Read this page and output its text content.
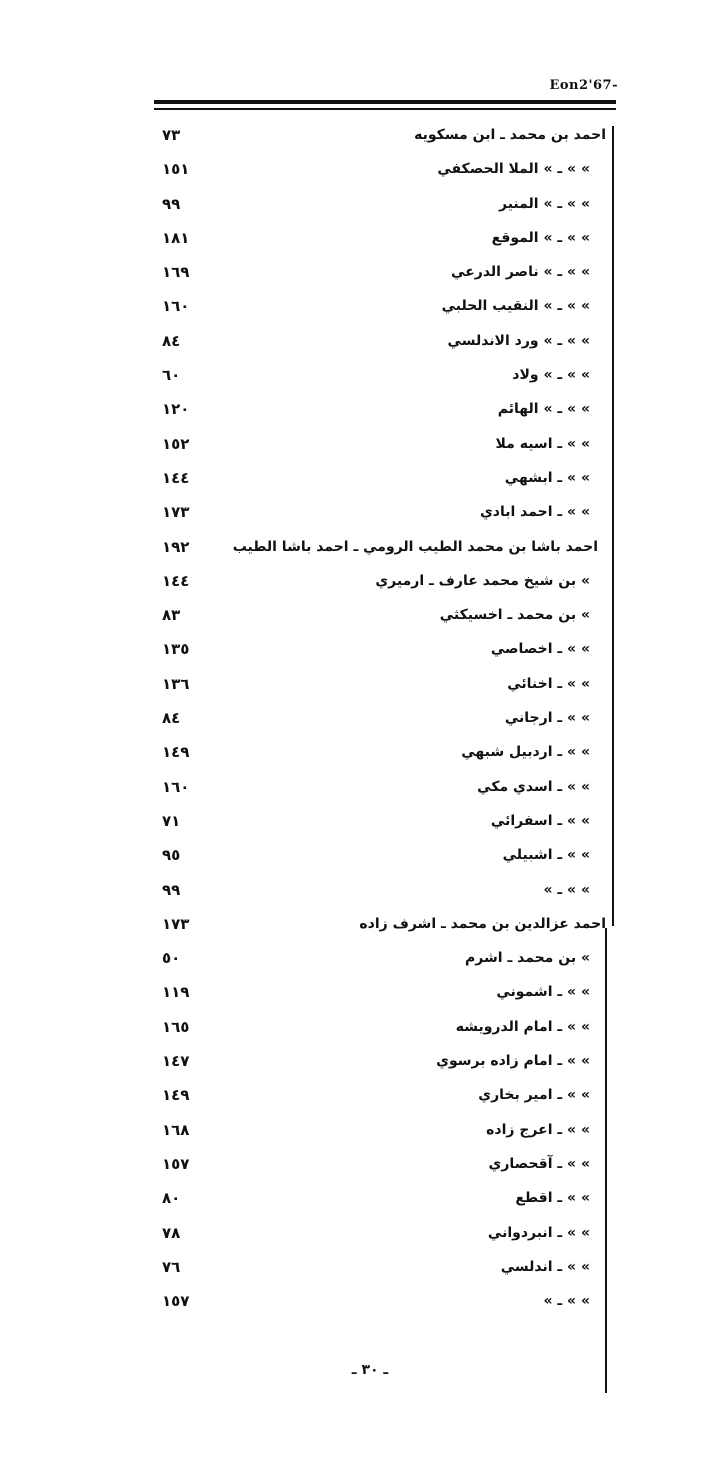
Eon2'67-
احمد بن محمد ـ ابن مسكويه
٧٣
» » ـ » الملا الحصكفي
١٥١
» » ـ » المنير
٩٩
» » ـ » الموقع
١٨١
» » ـ » ناصر الدرعي
١٦٩
» » ـ » النقيب الحلبي
١٦٠
» » ـ » ورد الاندلسي
٨٤
» » ـ » ولاد
٦٠
» » ـ » الهائم
١٢٠
» » ـ اسيه ملا
١٥٢
» » ـ ابشهي
١٤٤
» » ـ احمد ابادي
١٧٣
احمد باشا بن محمد الطيب الرومي ـ احمد باشا الطيب
١٩٢
» بن شيخ محمد عارف ـ ارميري
١٤٤
» بن محمد ـ اخسيكثي
٨٣
» » ـ اخصاصي
١٣٥
» » ـ اخنائي
١٣٦
» » ـ ارجاني
٨٤
» » ـ اردبيل شبهي
١٤٩
» » ـ اسدي مكي
١٦٠
» » ـ اسفرائي
٧١
» » ـ اشبيلي
٩٥
» » ـ »
٩٩
احمد عزالدين بن محمد ـ اشرف زاده
١٧٣
» بن محمد ـ اشرم
٥٠
» » ـ اشموني
١١٩
» » ـ امام الدرويشه
١٦٥
» » ـ امام زاده برسوي
١٤٧
» » ـ امير بخاري
١٤٩
» » ـ اعرج زاده
١٦٨
» » ـ آقحصاري
١٥٧
» » ـ اقطع
٨٠
» » ـ انبردواني
٧٨
» » ـ اندلسي
٧٦
» » ـ »
١٥٧
ـ ٣٠ ـ
